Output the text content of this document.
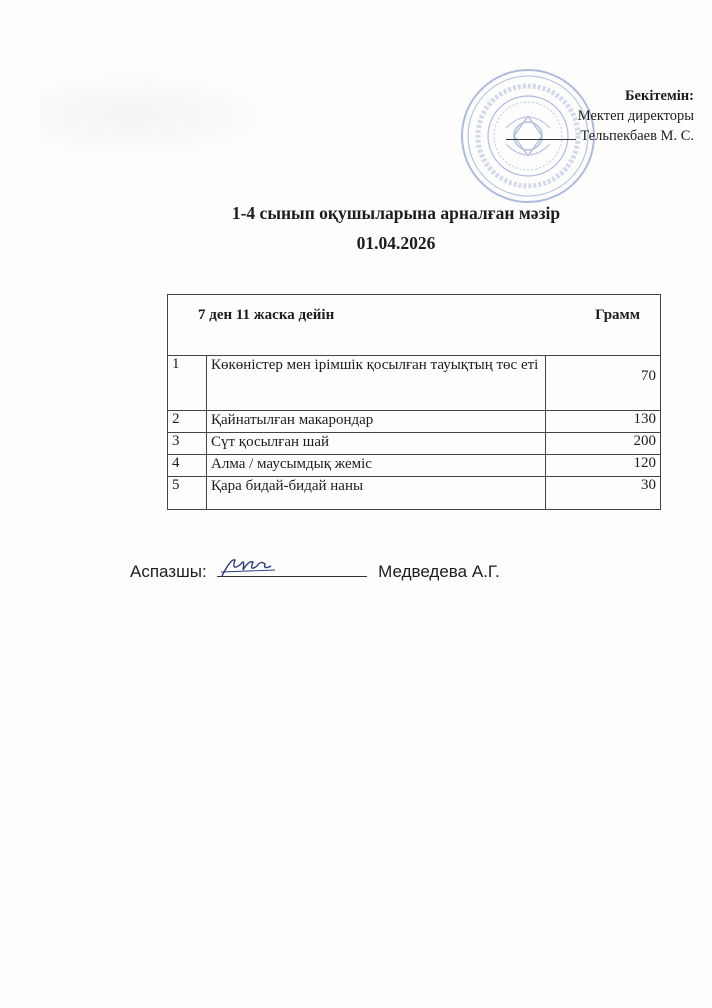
Бекітемін:
Мектеп директоры
Тельпекбаев М. С.
1-4 сынып оқушыларына арналған мәзір
01.04.2026
7 ден 11 жаска дейін		Грамм
1	Көкөністер мен ірімшік қосылған тауықтың төс еті	70
2	Қайнатылған макарондар	130
3	Сүт қосылған шай	200
4	Алма / маусымдық жеміс	120
5	Қара бидай-бидай наны	30
Аспазшы:	Медведева А.Г.
